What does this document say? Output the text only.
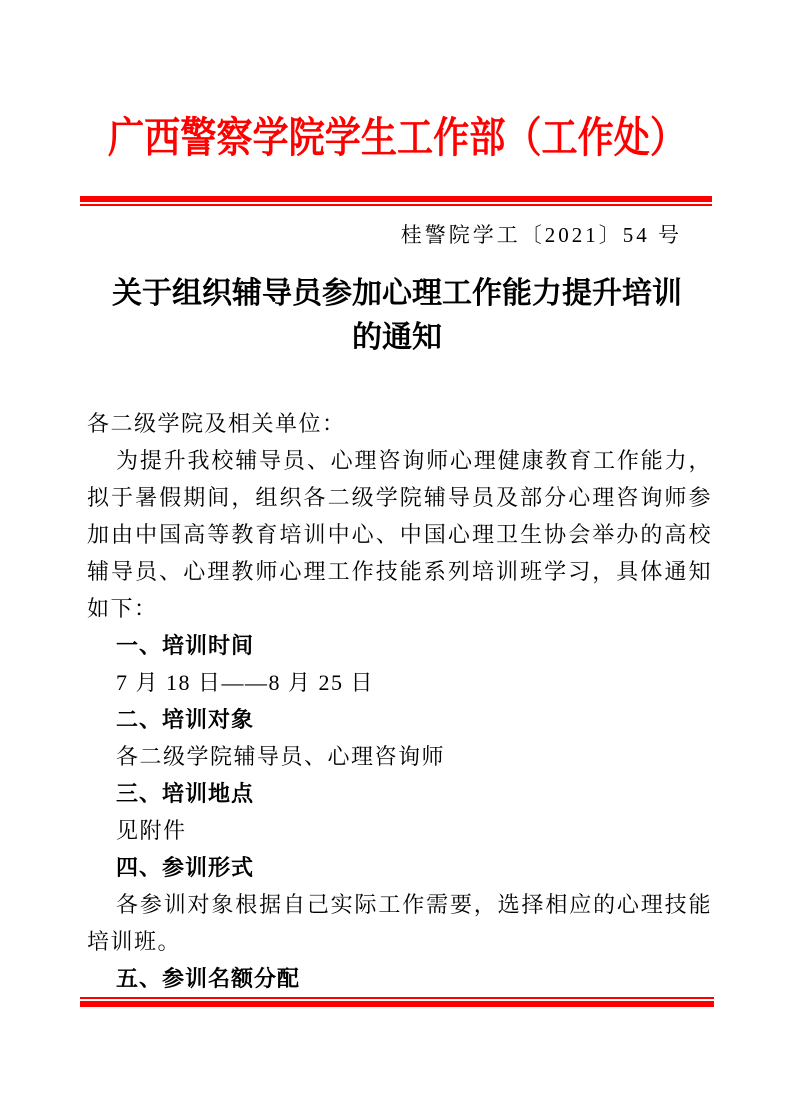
广西警察学院学生工作部（工作处）
桂警院学工〔2021〕54 号
关于组织辅导员参加心理工作能力提升培训
的通知

各二级学院及相关单位：

为提升我校辅导员、心理咨询师心理健康教育工作能力，拟于暑假期间，组织各二级学院辅导员及部分心理咨询师参加由中国高等教育培训中心、中国心理卫生协会举办的高校辅导员、心理教师心理工作技能系列培训班学习，具体通知如下：

一、培训时间

7 月 18 日——8 月 25 日

二、培训对象

各二级学院辅导员、心理咨询师

三、培训地点

见附件

四、参训形式

各参训对象根据自己实际工作需要，选择相应的心理技能培训班。

五、参训名额分配
